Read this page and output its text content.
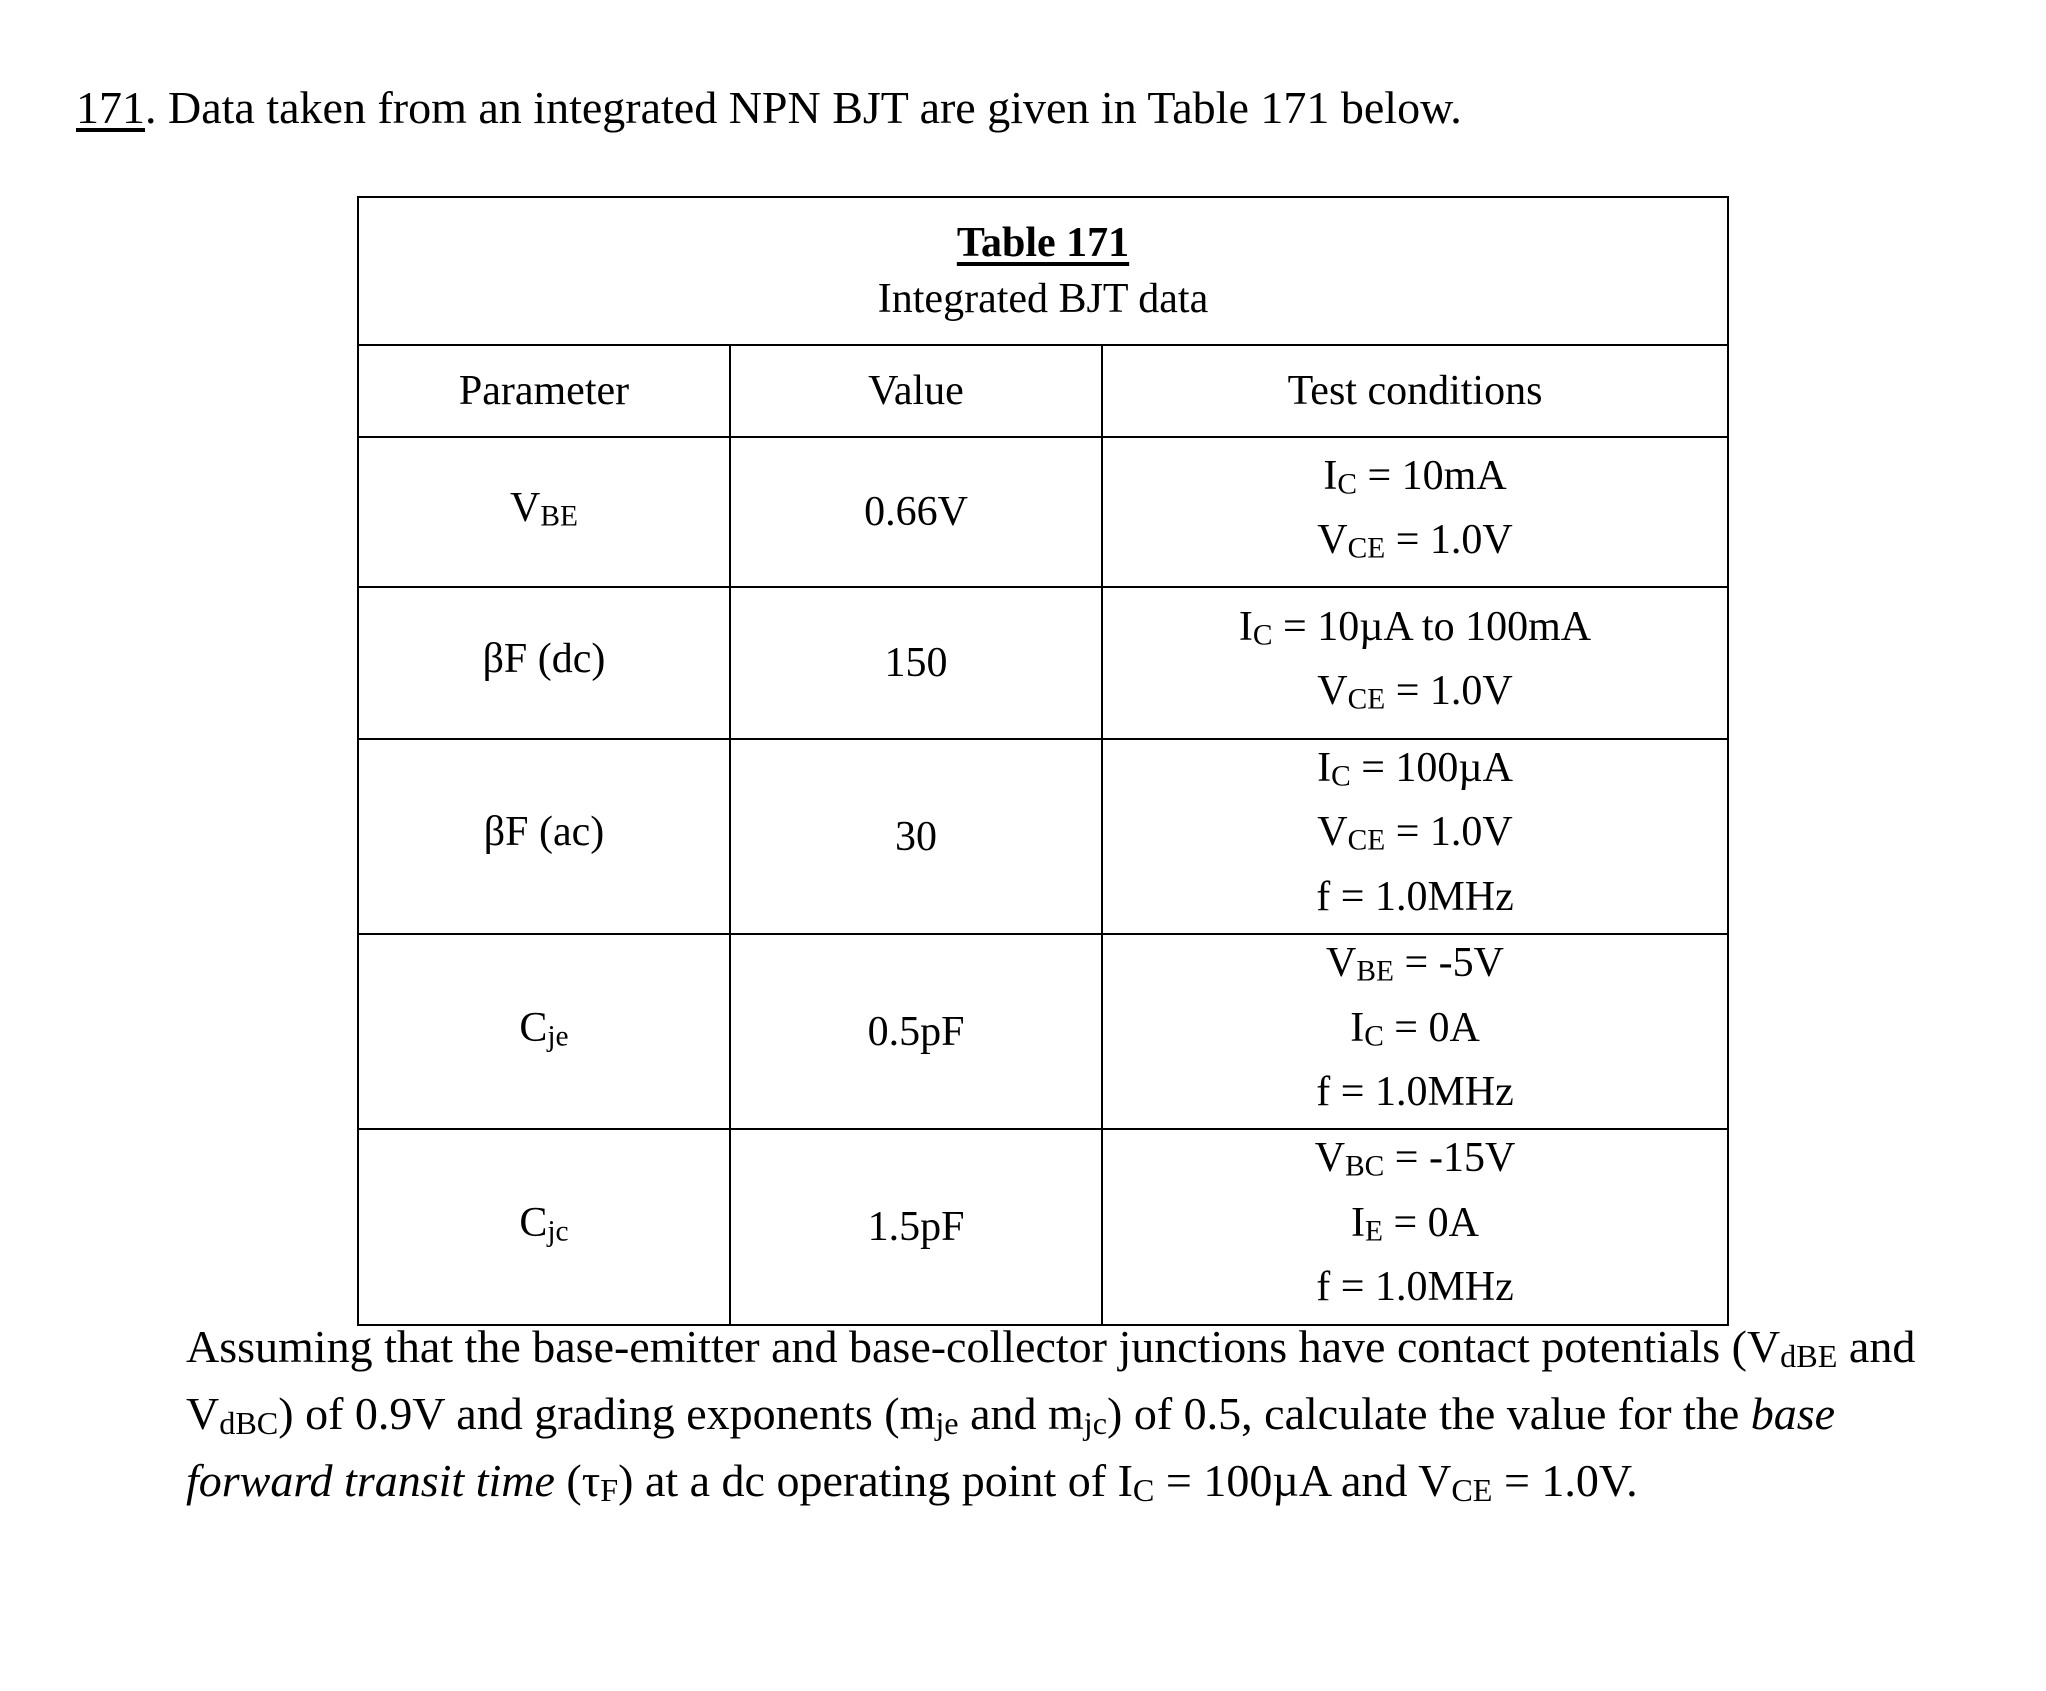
171. Data taken from an integrated NPN BJT are given in Table 171 below.

Table 171
Integrated BJT data		

Parameter	Value	Test conditions
VBE	0.66V	IC = 10mA
VCE = 1.0V

βF (dc)	150	IC = 10µA to 100mA
VCE = 1.0V

βF (ac)	30	IC = 100µA
VCE = 1.0V
f = 1.0MHz

Cje	0.5pF	VBE = -5V
IC = 0A
f = 1.0MHz

Cjc	1.5pF	VBC = -15V
IE = 0A
f = 1.0MHz

Assuming that the base-emitter and base-collector junctions have contact potentials (VdBE and VdBC) of 0.9V and grading exponents (mje and mjc) of 0.5, calculate the value for the base forward transit time (τF) at a dc operating point of IC = 100µA and VCE = 1.0V.
